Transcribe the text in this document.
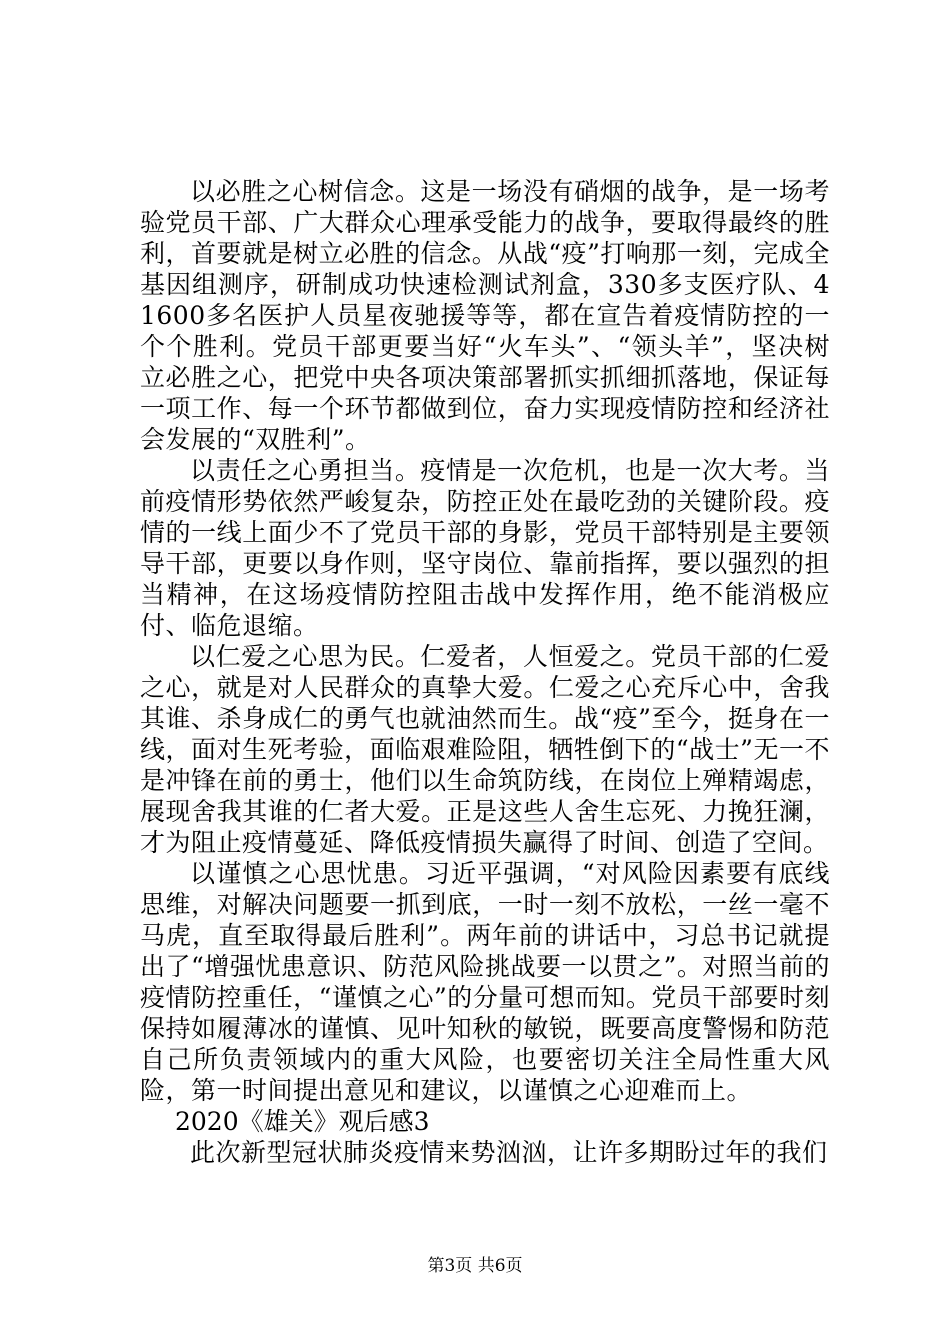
以必胜之心树信念。这是一场没有硝烟的战争，是一场考验党员干部、广大群众心理承受能力的战争，要取得最终的胜利，首要就是树立必胜的信念。从战“疫”打响那一刻，完成全基因组测序，研制成功快速检测试剂盒，330多支医疗队、41600多名医护人员星夜驰援等等，都在宣告着疫情防控的一个个胜利。党员干部更要当好“火车头”、“领头羊”，坚决树立必胜之心，把党中央各项决策部署抓实抓细抓落地，保证每一项工作、每一个环节都做到位，奋力实现疫情防控和经济社会发展的“双胜利”。

以责任之心勇担当。疫情是一次危机，也是一次大考。当前疫情形势依然严峻复杂，防控正处在最吃劲的关键阶段。疫情的一线上面少不了党员干部的身影，党员干部特别是主要领导干部，更要以身作则，坚守岗位、靠前指挥，要以强烈的担当精神，在这场疫情防控阻击战中发挥作用，绝不能消极应付、临危退缩。

以仁爱之心思为民。仁爱者，人恒爱之。党员干部的仁爱之心，就是对人民群众的真挚大爱。仁爱之心充斥心中，舍我其谁、杀身成仁的勇气也就油然而生。战“疫”至今，挺身在一线，面对生死考验，面临艰难险阻，牺牲倒下的“战士”无一不是冲锋在前的勇士，他们以生命筑防线，在岗位上殚精竭虑，展现舍我其谁的仁者大爱。正是这些人舍生忘死、力挽狂澜，才为阻止疫情蔓延、降低疫情损失赢得了时间、创造了空间。

以谨慎之心思忧患。习近平强调，“对风险因素要有底线思维，对解决问题要一抓到底，一时一刻不放松，一丝一毫不马虎，直至取得最后胜利”。两年前的讲话中，习总书记就提出了“增强忧患意识、防范风险挑战要一以贯之”。对照当前的疫情防控重任，“谨慎之心”的分量可想而知。党员干部要时刻保持如履薄冰的谨慎、见叶知秋的敏锐，既要高度警惕和防范自己所负责领域内的重大风险，也要密切关注全局性重大风险，第一时间提出意见和建议，以谨慎之心迎难而上。

2020《雄关》观后感3

此次新型冠状肺炎疫情来势汹汹，让许多期盼过年的我们

第3页 共6页
